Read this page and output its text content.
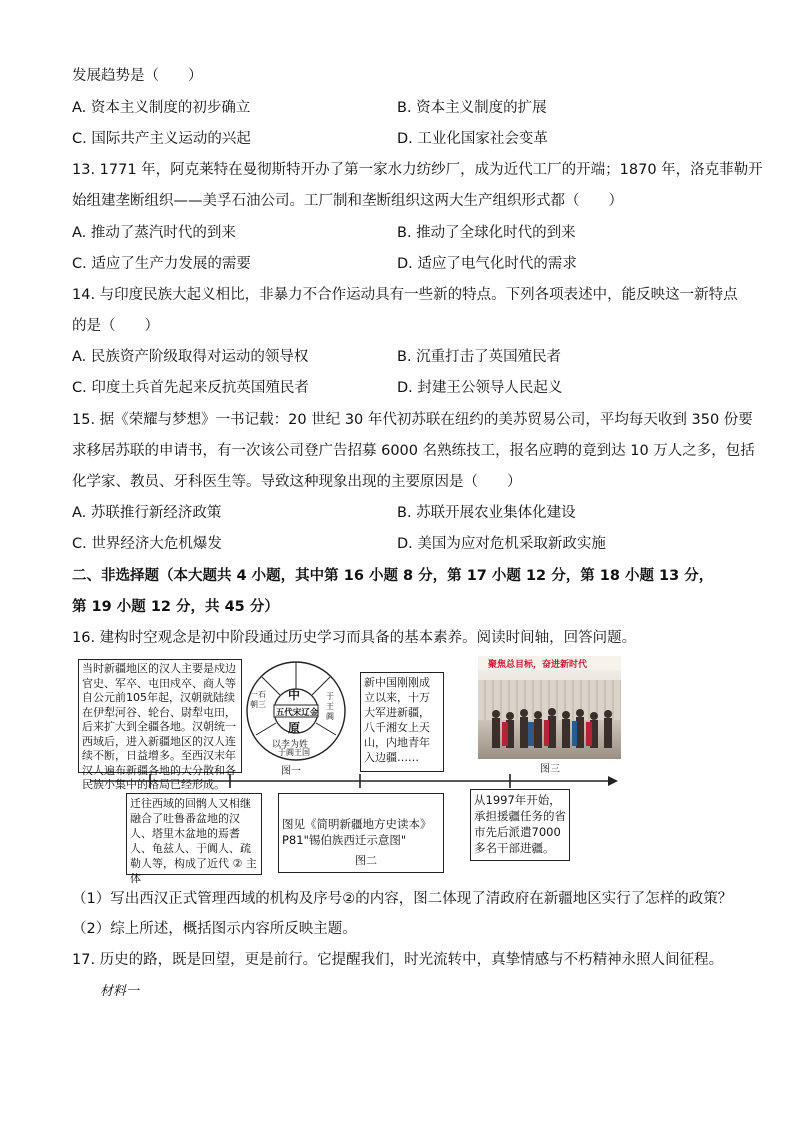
发展趋势是（　　）
A. 资本主义制度的初步确立	B. 资本主义制度的扩展
C. 国际共产主义运动的兴起	D. 工业化国家社会变革
13. 1771 年，阿克莱特在曼彻斯特开办了第一家水力纺纱厂，成为近代工厂的开端；1870 年，洛克菲勒开
始组建垄断组织——美孚石油公司。工厂制和垄断组织这两大生产组织形式都（　　）
A. 推动了蒸汽时代的到来	B. 推动了全球化时代的到来
C. 适应了生产力发展的需要	D. 适应了电气化时代的需求
14. 与印度民族大起义相比，非暴力不合作运动具有一些新的特点。下列各项表述中，能反映这一新特点
的是（　　）
A. 民族资产阶级取得对运动的领导权	B. 沉重打击了英国殖民者
C. 印度土兵首先起来反抗英国殖民者	D. 封建王公领导人民起义
15. 据《荣耀与梦想》一书记载：20 世纪 30 年代初苏联在纽约的美苏贸易公司，平均每天收到 350 份要
求移居苏联的申请书，有一次该公司登广告招募 6000 名熟练技工，报名应聘的竟到达 10 万人之多，包括
化学家、教员、牙科医生等。导致这种现象出现的主要原因是（　　）
A. 苏联推行新经济政策	B. 苏联开展农业集体化建设
C. 世界经济大危机爆发	D. 美国为应对危机采取新政实施
二、非选择题（本大题共 4 小题，其中第 16 小题 8 分，第 17 小题 12 分，第 18 小题 13 分，
第 19 小题 12 分，共 45 分）
16. 建构时空观念是初中阶段通过历史学习而具备的基本素养。阅读时间轴，回答问题。
当时新疆地区的汉人主要是戍边官史、军卒、屯田戍卒、商人等自公元前105年起，汉朝就陆续在伊犁河谷、轮台、尉犁屯田，后来扩大到全疆各地。汉朝统一西域后，进入新疆地区的汉人连续不断，日益增多。至西汉末年汉人遍布新疆各地的大分散和各民族小集中的格局已经形成。
中
五代宋辽金
原
以李为姓
于阗王国
一石朝三
于王阗
图一
新中国刚刚成立以来，十万大军进新疆，八千湘女上天山，内地青年入边疆……
聚焦总目标，奋进新时代
图三
迁往西域的回鹘人又相继融合了吐鲁番盆地的汉人、塔里木盆地的焉耆人、龟兹人、于阗人、疏勒人等，构成了近代 ② 主体
图见《简明新疆地方史读本》P81"锡伯族西迁示意图"
图二
从1997年开始，承担援疆任务的省市先后派遣7000多名干部进疆。
（1）写出西汉正式管理西域的机构及序号②的内容，图二体现了清政府在新疆地区实行了怎样的政策？
（2）综上所述，概括图示内容所反映主题。
17. 历史的路，既是回望，更是前行。它提醒我们，时光流转中，真挚情感与不朽精神永照人间征程。
材料一
